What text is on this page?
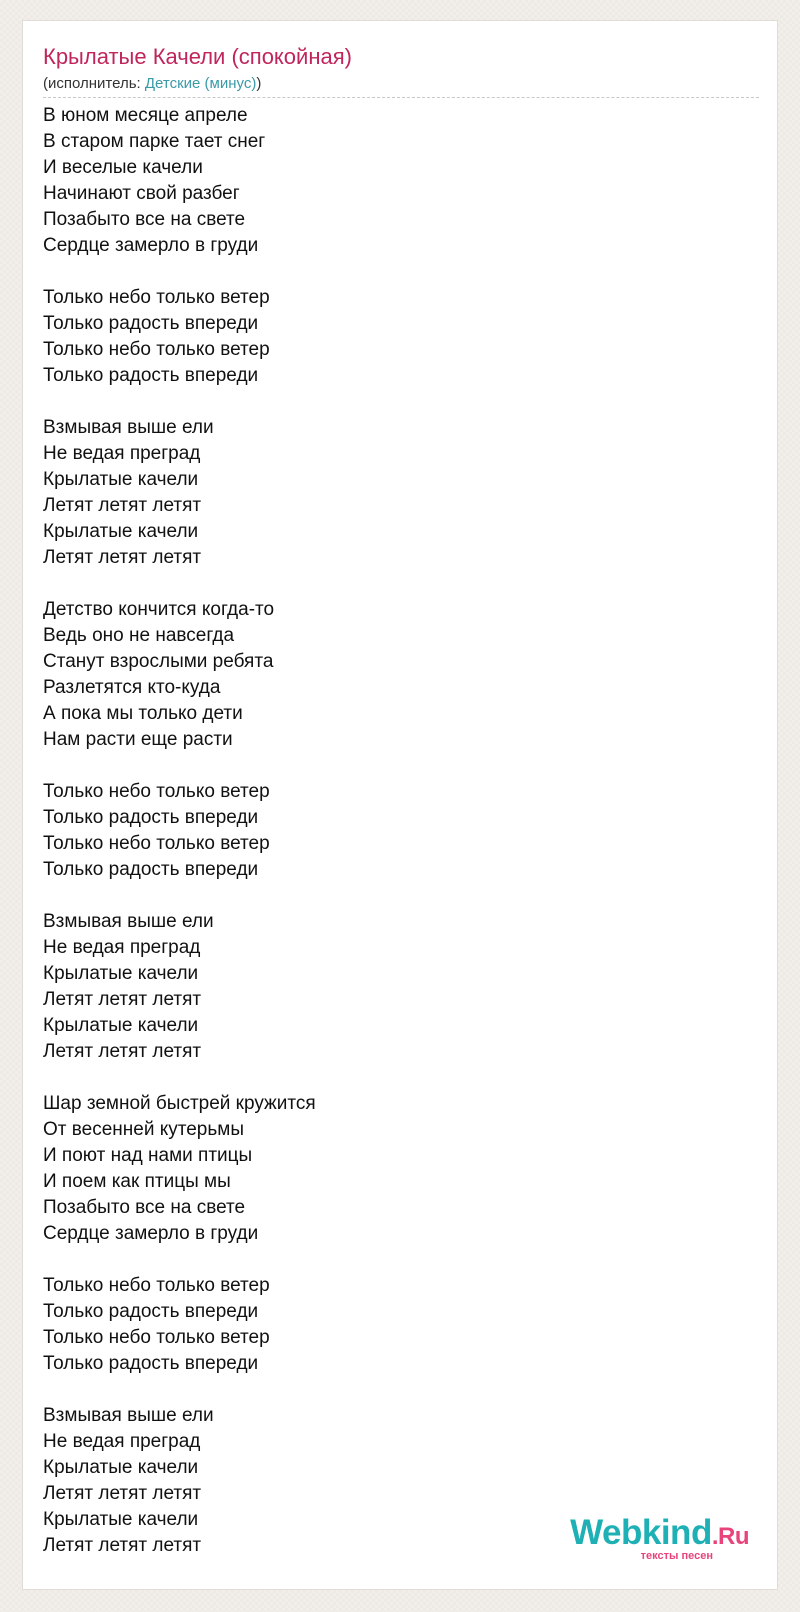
Крылатые Качели (спокойная)
(исполнитель: Детские (минус))
В юном месяце апреле
В старом парке тает снег
И веселые качели
Начинают свой разбег
Позабыто все на свете
Сердце замерло в груди
Только небо только ветер
Только радость впереди
Только небо только ветер
Только радость впереди
Взмывая выше ели
Не ведая преград
Крылатые качели
Летят летят летят
Крылатые качели
Летят летят летят
Детство кончится когда-то
Ведь оно не навсегда
Станут взрослыми ребята
Разлетятся кто-куда
А пока мы только дети
Нам расти еще расти
Только небо только ветер
Только радость впереди
Только небо только ветер
Только радость впереди
Взмывая выше ели
Не ведая преград
Крылатые качели
Летят летят летят
Крылатые качели
Летят летят летят
Шар земной быстрей кружится
От весенней кутерьмы
И поют над нами птицы
И поем как птицы мы
Позабыто все на свете
Сердце замерло в груди
Только небо только ветер
Только радость впереди
Только небо только ветер
Только радость впереди
Взмывая выше ели
Не ведая преград
Крылатые качели
Летят летят летят
Крылатые качели
Летят летят летят	Webkind.Ru
тексты песен
